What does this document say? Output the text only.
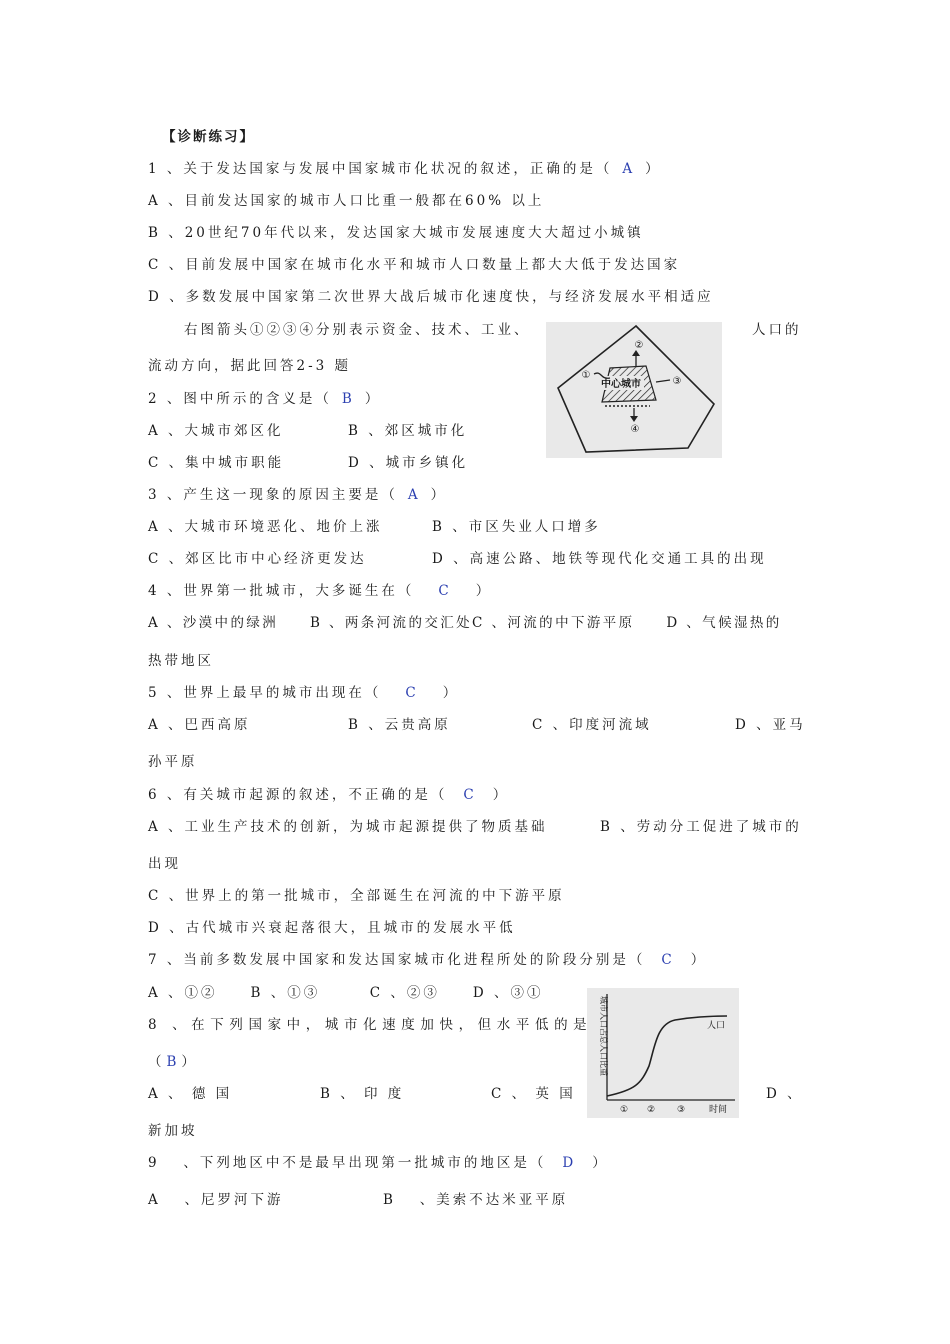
【诊断练习】
1 、关于发达国家与发展中国家城市化状况的叙述，正确的是（ A ）
A 、目前发达国家的城市人口比重一般都在60% 以上
B 、20世纪70年代以来，发达国家大城市发展速度大大超过小城镇
C 、目前发展中国家在城市化水平和城市人口数量上都大大低于发达国家
D 、多数发展中国家第二次世界大战后城市化速度快，与经济发展水平相适应
右图箭头①②③④分别表示资金、技术、工业、	人口的
流动方向，据此回答2-3 题
中心城市
①
②
③
④
2 、图中所示的含义是（ B ）
A 、大城市郊区化	B 、郊区城市化
C 、集中城市职能	D 、城市乡镇化
3 、产生这一现象的原因主要是（ A ）
A 、大城市环境恶化、地价上涨	B 、市区失业人口增多
C 、郊区比市中心经济更发达	D 、高速公路、地铁等现代化交通工具的出现
4 、世界第一批城市，大多诞生在（ C ）
A 、沙漠中的绿洲　　B 、两条河流的交汇处C 、河流的中下游平原　　D 、气候湿热的
热带地区
5 、世界上最早的城市出现在（ C ）
A 、巴西高原	B 、云贵高原	C 、印度河流域	D 、亚马
孙平原
6 、有关城市起源的叙述，不正确的是（ C ）
A 、工业生产技术的创新，为城市起源提供了物质基础	B 、劳动分工促进了城市的
出现
C 、世界上的第一批城市，全部诞生在河流的中下游平原
D 、古代城市兴衰起落很大，且城市的发展水平低
7 、当前多数发展中国家和发达国家城市化进程所处的阶段分别是（ C ）
A 、①②　　B 、①③　　　C 、②③　　D 、③①
城市人口占总人口比重	人口
① ② ③	时间
8 、在下列国家中，城市化速度加快，但水平低的是
（ B ）
A 、 德 国	B 、 印 度	C 、 英 国	D 、
新加坡
9 　、下列地区中不是最早出现第一批城市的地区是（ D ）
A 　、尼罗河下游	B 　、美索不达米亚平原
